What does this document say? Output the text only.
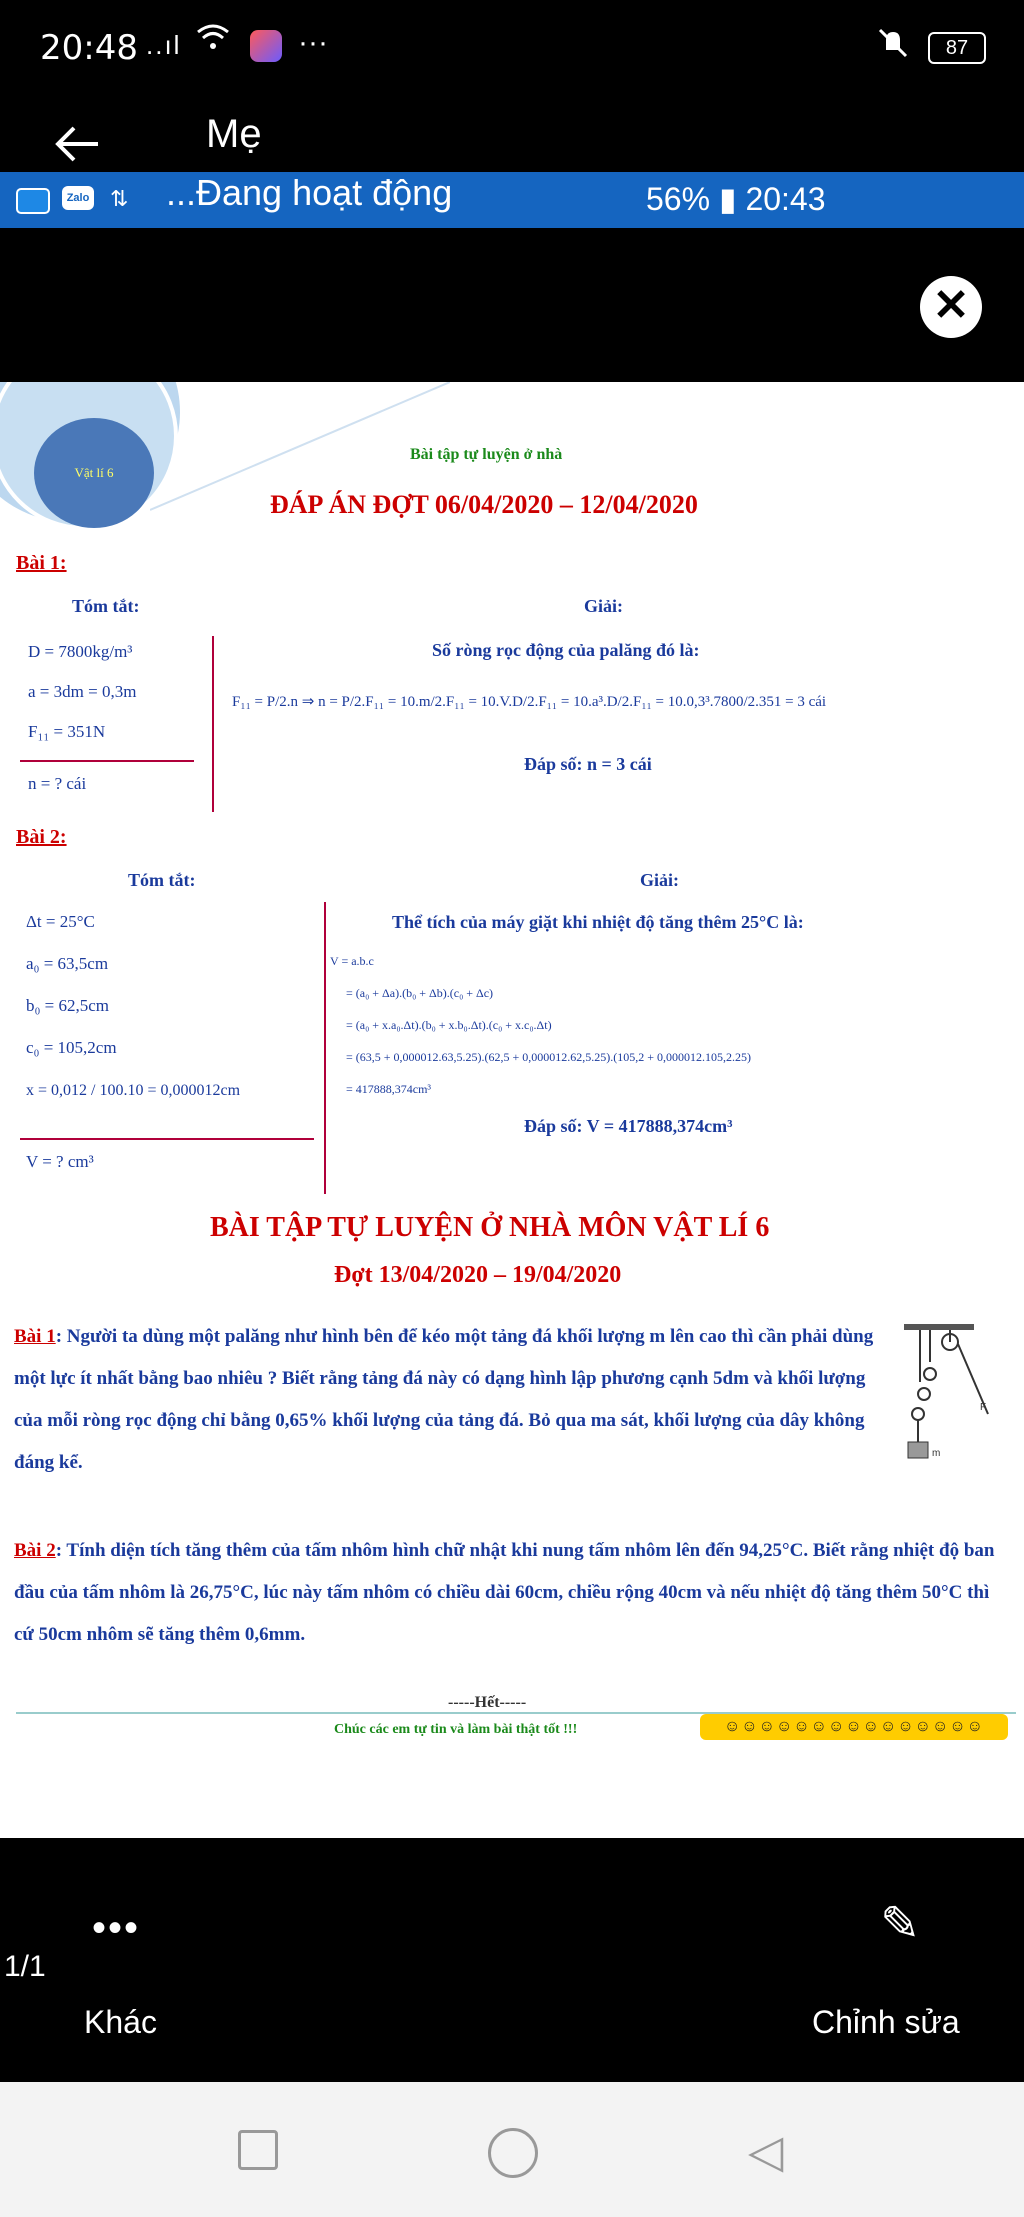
20:48 ..ıl	···	87
Mẹ
Zalo ⇅ ...Đang hoạt động	56% ▮ 20:43
✕
Vật lí 6
Bài tập tự luyện ở nhà
ĐÁP ÁN ĐỢT 06/04/2020 – 12/04/2020
Bài 1:
Tóm tắt:	Giải:
D = 7800kg/m³
a = 3dm = 0,3m
F₁₁ = 351N
n = ? cái
Số ròng rọc động của palăng đó là:
F₁₁ = P/2.n ⇒ n = P/2.F₁₁ = 10.m/2.F₁₁ = 10.V.D/2.F₁₁ = 10.a³.D/2.F₁₁ = 10.0,3³.7800/2.351 = 3 cái
Đáp số: n = 3 cái
Bài 2:
Tóm tắt:	Giải:
Δt = 25°C
a₀ = 63,5cm
b₀ = 62,5cm
c₀ = 105,2cm
x = 0,012 / 100.10 = 0,000012cm
V = ? cm³
Thể tích của máy giặt khi nhiệt độ tăng thêm 25°C là:
V = a.b.c
= (a₀ + Δa).(b₀ + Δb).(c₀ + Δc)
= (a₀ + x.a₀.Δt).(b₀ + x.b₀.Δt).(c₀ + x.c₀.Δt)
= (63,5 + 0,000012.63,5.25).(62,5 + 0,000012.62,5.25).(105,2 + 0,000012.105,2.25)
= 417888,374cm³
Đáp số: V = 417888,374cm³
BÀI TẬP TỰ LUYỆN Ở NHÀ MÔN VẬT LÍ 6
Đợt 13/04/2020 – 19/04/2020
Bài 1: Người ta dùng một palăng như hình bên để kéo một tảng đá khối lượng m lên cao thì cần phải dùng một lực ít nhất bằng bao nhiêu ? Biết rằng tảng đá này có dạng hình lập phương cạnh 5dm và khối lượng của mỗi ròng rọc động chỉ bằng 0,65% khối lượng của tảng đá. Bỏ qua ma sát, khối lượng của dây không đáng kể.	m
F
Bài 2: Tính diện tích tăng thêm của tấm nhôm hình chữ nhật khi nung tấm nhôm lên đến 94,25°C. Biết rằng nhiệt độ ban đầu của tấm nhôm là 26,75°C, lúc này tấm nhôm có chiều dài 60cm, chiều rộng 40cm và nếu nhiệt độ tăng thêm 50°C thì cứ 50cm nhôm sẽ tăng thêm 0,6mm.
-----Hết-----
Chúc các em tự tin và làm bài thật tốt !!!	☺☺☺☺☺☺☺☺☺☺☺☺☺☺☺
1/1
•••
Khác
✎
Chỉnh sửa
◁
